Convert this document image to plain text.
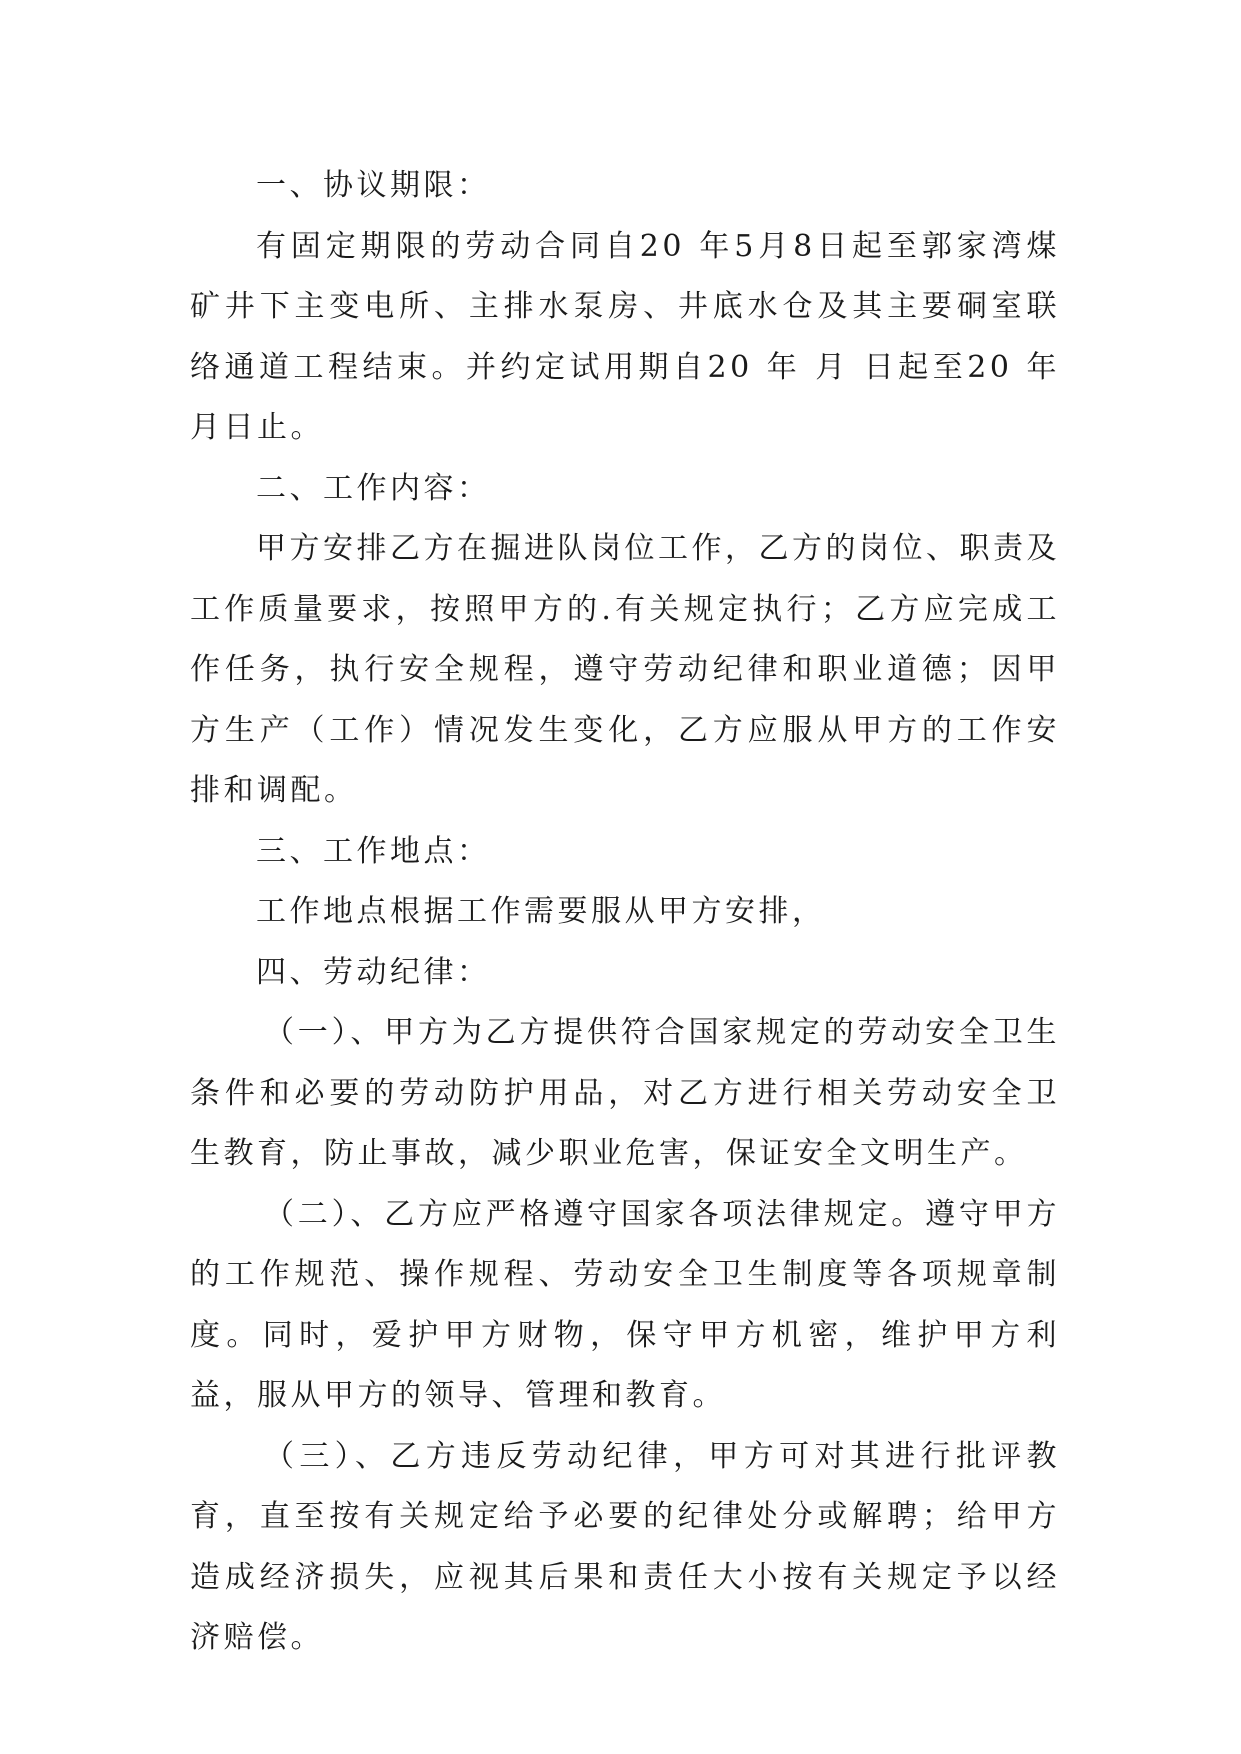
一、协议期限：

有固定期限的劳动合同自20 年5月8日起至郭家湾煤矿井下主变电所、主排水泵房、井底水仓及其主要硐室联络通道工程结束。并约定试用期自20 年 月 日起至20 年 月日止。

二、工作内容：

甲方安排乙方在掘进队岗位工作，乙方的岗位、职责及工作质量要求，按照甲方的.有关规定执行；乙方应完成工作任务，执行安全规程，遵守劳动纪律和职业道德；因甲方生产（工作）情况发生变化，乙方应服从甲方的工作安排和调配。

三、工作地点：

工作地点根据工作需要服从甲方安排，

四、劳动纪律：

（一）、甲方为乙方提供符合国家规定的劳动安全卫生条件和必要的劳动防护用品，对乙方进行相关劳动安全卫生教育，防止事故，减少职业危害，保证安全文明生产。

（二）、乙方应严格遵守国家各项法律规定。遵守甲方的工作规范、操作规程、劳动安全卫生制度等各项规章制度。同时，爱护甲方财物，保守甲方机密，维护甲方利益，服从甲方的领导、管理和教育。

（三）、乙方违反劳动纪律，甲方可对其进行批评教育，直至按有关规定给予必要的纪律处分或解聘；给甲方造成经济损失，应视其后果和责任大小按有关规定予以经济赔偿。
